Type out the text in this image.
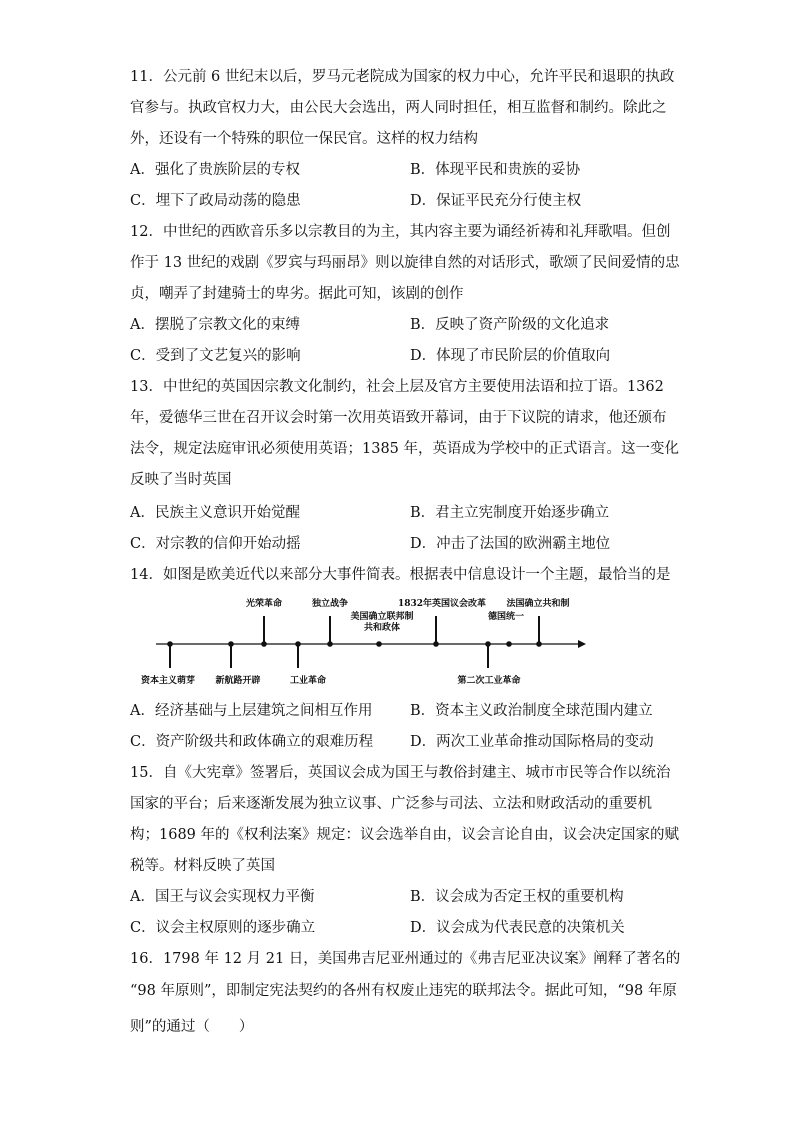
11．公元前 6 世纪末以后，罗马元老院成为国家的权力中心，允许平民和退职的执政
官参与。执政官权力大，由公民大会选出，两人同时担任，相互监督和制约。除此之
外，还设有一个特殊的职位一保民官。这样的权力结构
A．强化了贵族阶层的专权	B．体现平民和贵族的妥协
C．埋下了政局动荡的隐患	D．保证平民充分行使主权
12．中世纪的西欧音乐多以宗教目的为主，其内容主要为诵经祈祷和礼拜歌唱。但创
作于 13 世纪的戏剧《罗宾与玛丽昂》则以旋律自然的对话形式，歌颂了民间爱情的忠
贞，嘲弄了封建骑士的卑劣。据此可知，该剧的创作
A．摆脱了宗教文化的束缚	B．反映了资产阶级的文化追求
C．受到了文艺复兴的影响	D．体现了市民阶层的价值取向
13．中世纪的英国因宗教文化制约，社会上层及官方主要使用法语和拉丁语。1362
年，爱德华三世在召开议会时第一次用英语致开幕词，由于下议院的请求，他还颁布
法令，规定法庭审讯必须使用英语；1385 年，英语成为学校中的正式语言。这一变化
反映了当时英国
A．民族主义意识开始觉醒	B．君主立宪制度开始逐步确立
C．对宗教的信仰开始动摇	D．冲击了法国的欧洲霸主地位
14．如图是欧美近代以来部分大事件简表。根据表中信息设计一个主题，最恰当的是
光荣革命	独立战争
美国确立联邦制
共和政体
1832年英国议会改革 法国确立共和制
德国统一
资本主义萌芽 新航路开辟	工业革命	第二次工业革命
A．经济基础与上层建筑之间相互作用	B．资本主义政治制度全球范围内建立
C．资产阶级共和政体确立的艰难历程	D．两次工业革命推动国际格局的变动
15．自《大宪章》签署后，英国议会成为国王与教俗封建主、城市市民等合作以统治
国家的平台；后来逐渐发展为独立议事、广泛参与司法、立法和财政活动的重要机
构；1689 年的《权利法案》规定：议会选举自由，议会言论自由，议会决定国家的赋
税等。材料反映了英国
A．国王与议会实现权力平衡	B．议会成为否定王权的重要机构
C．议会主权原则的逐步确立	D．议会成为代表民意的决策机关
16．1798 年 12 月 21 日，美国弗吉尼亚州通过的《弗吉尼亚决议案》阐释了著名的
“98 年原则”，即制定宪法契约的各州有权废止违宪的联邦法令。据此可知，“98 年原
则”的通过（　　）
